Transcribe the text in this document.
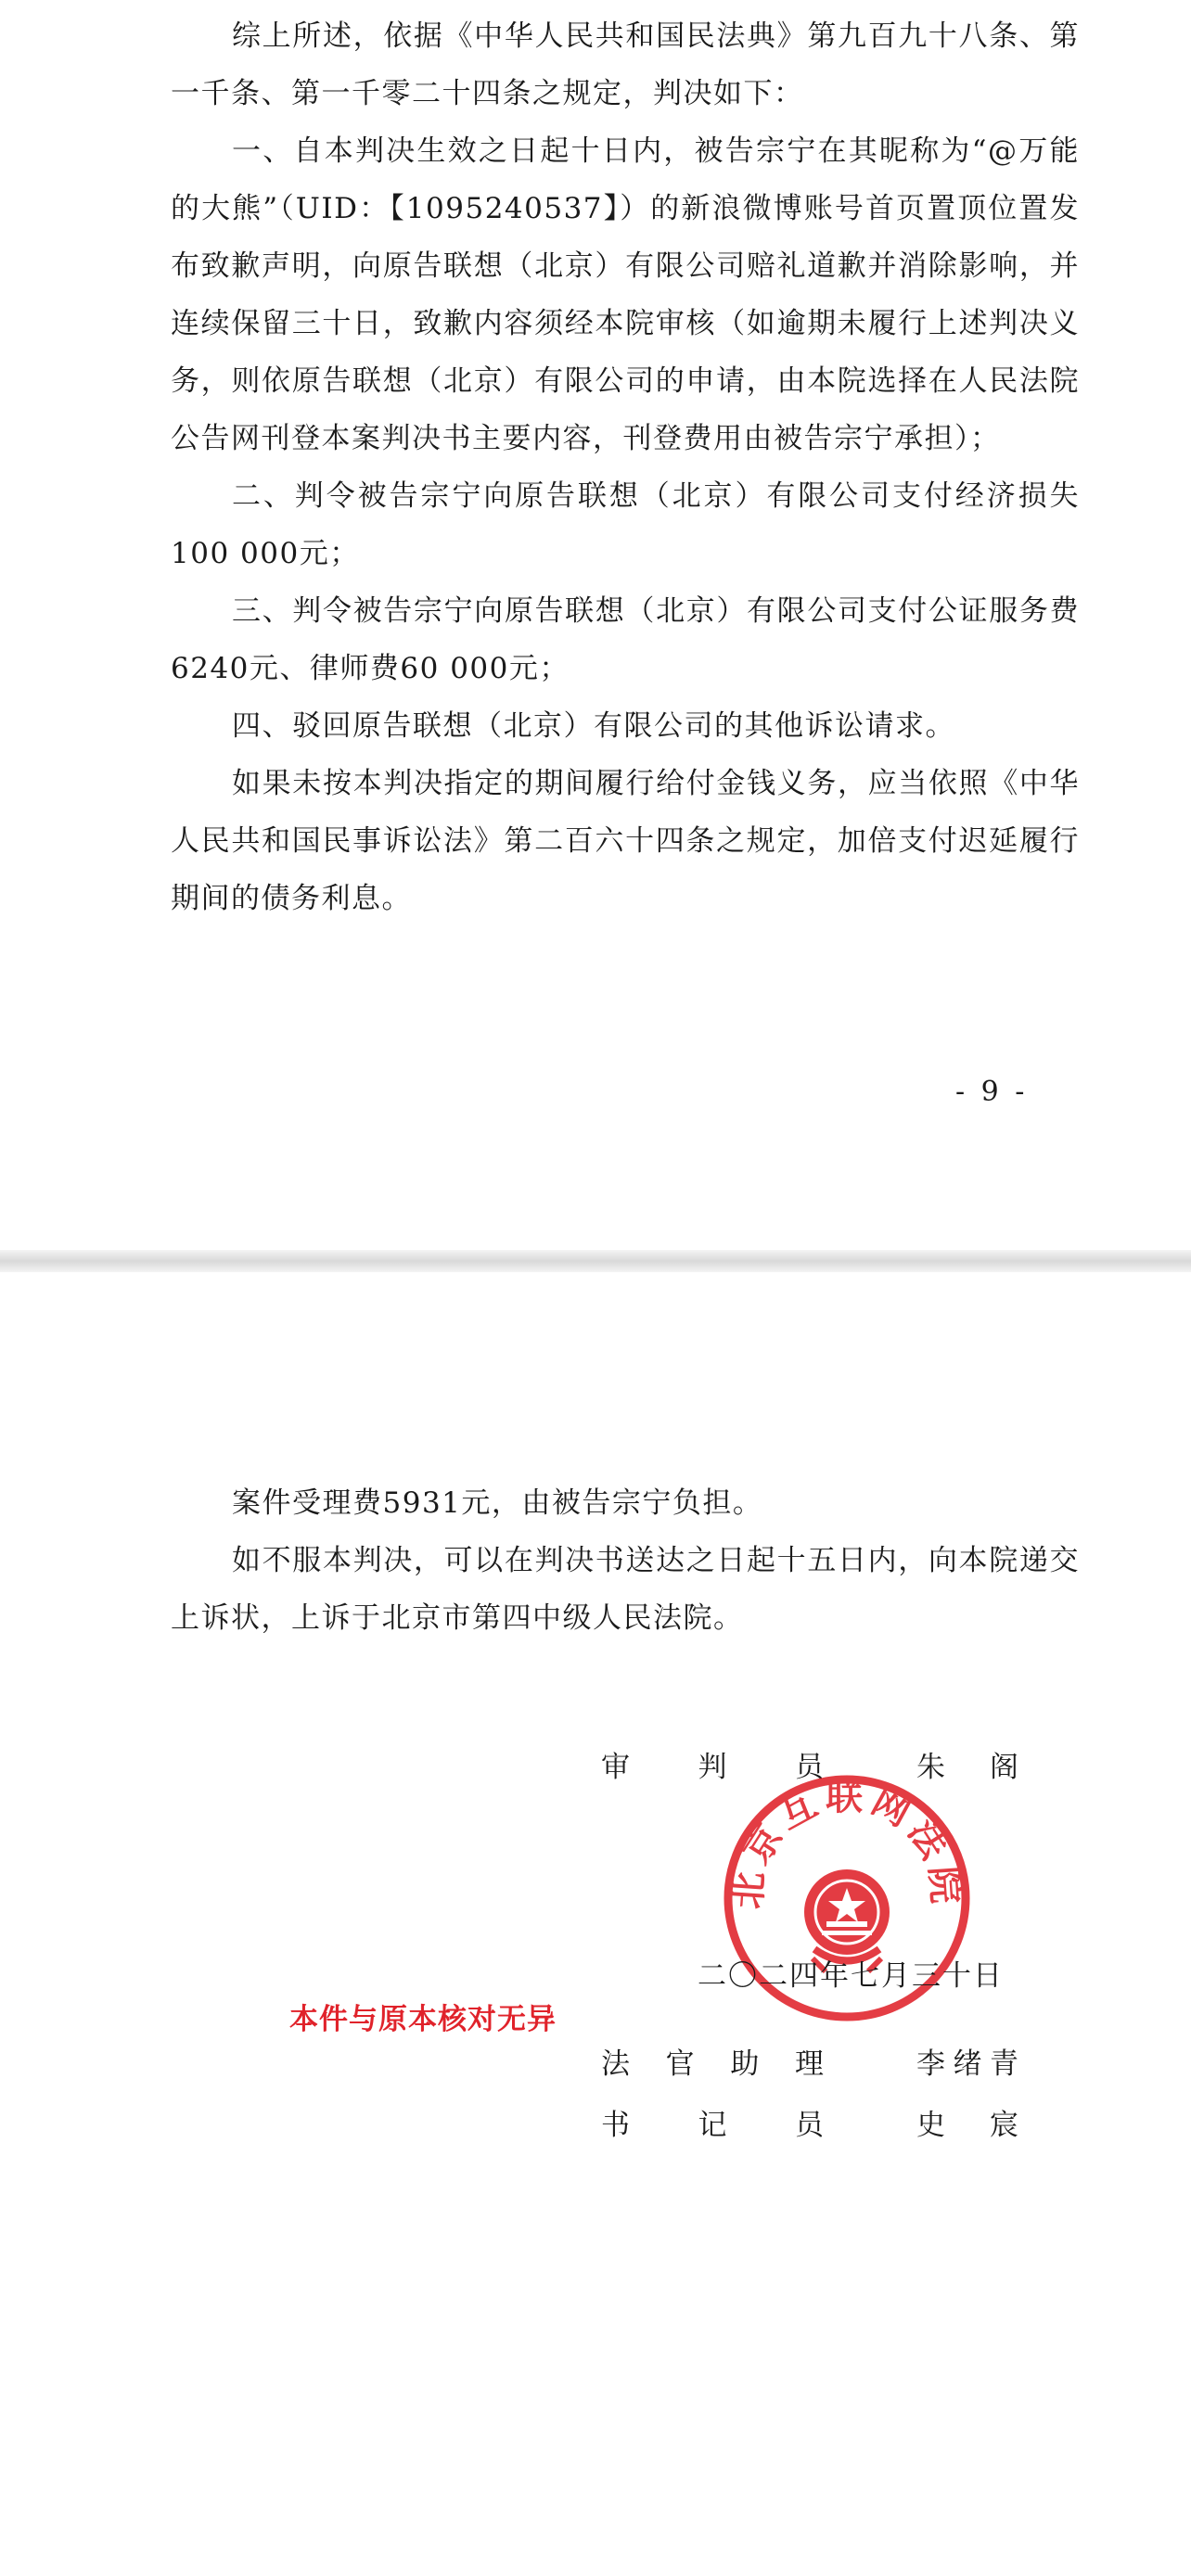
综上所述，依据《中华人民共和国民法典》第九百九十八条、第一千条、第一千零二十四条之规定，判决如下：

一、自本判决生效之日起十日内，被告宗宁在其昵称为“@万能的大熊”（UID：【1095240537】）的新浪微博账号首页置顶位置发布致歉声明，向原告联想（北京）有限公司赔礼道歉并消除影响，并连续保留三十日，致歉内容须经本院审核（如逾期未履行上述判决义务，则依原告联想（北京）有限公司的申请，由本院选择在人民法院公告网刊登本案判决书主要内容，刊登费用由被告宗宁承担）；

二、判令被告宗宁向原告联想（北京）有限公司支付经济损失100 000元；

三、判令被告宗宁向原告联想（北京）有限公司支付公证服务费6240元、律师费60 000元；

四、驳回原告联想（北京）有限公司的其他诉讼请求。

如果未按本判决指定的期间履行给付金钱义务，应当依照《中华人民共和国民事诉讼法》第二百六十四条之规定，加倍支付迟延履行期间的债务利息。

- 9 -

案件受理费5931元，由被告宗宁负担。

如不服本判决，可以在判决书送达之日起十五日内，向本院递交上诉状，上诉于北京市第四中级人民法院。

审 判 员	朱 阁
北京互联网法院
二〇二四年七月三十日
本件与原本核对无异
法 官 助 理	李 绪 青
书 记 员	史 宸
